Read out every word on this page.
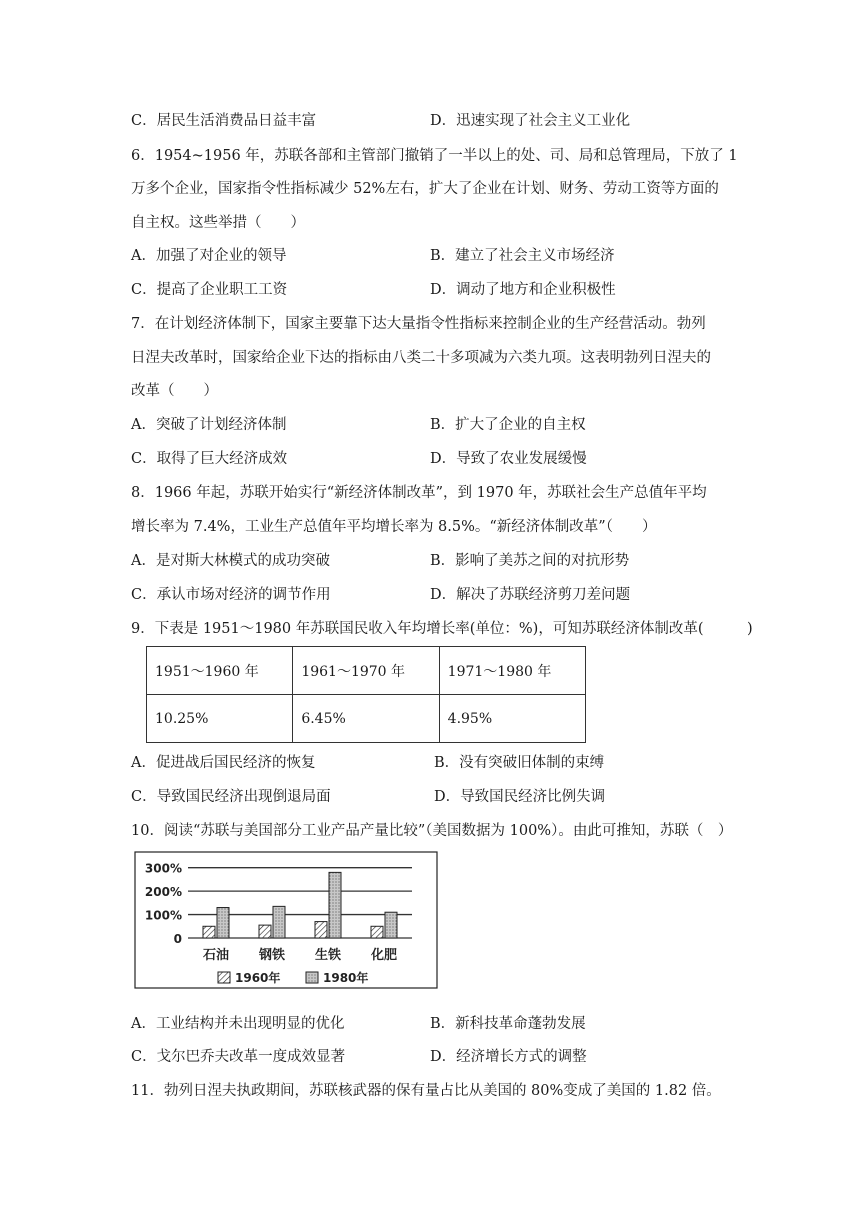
C．居民生活消费品日益丰富	D．迅速实现了社会主义工业化
6．1954~1956 年，苏联各部和主管部门撤销了一半以上的处、司、局和总管理局，下放了 1
万多个企业，国家指令性指标减少 52%左右，扩大了企业在计划、财务、劳动工资等方面的
自主权。这些举措（　　）
A．加强了对企业的领导	B．建立了社会主义市场经济
C．提高了企业职工工资	D．调动了地方和企业积极性
7．在计划经济体制下，国家主要靠下达大量指令性指标来控制企业的生产经营活动。勃列
日涅夫改革时，国家给企业下达的指标由八类二十多项减为六类九项。这表明勃列日涅夫的
改革（　　）
A．突破了计划经济体制	B．扩大了企业的自主权
C．取得了巨大经济成效	D．导致了农业发展缓慢
8．1966 年起，苏联开始实行“新经济体制改革”，到 1970 年，苏联社会生产总值年平均
增长率为 7.4%，工业生产总值年平均增长率为 8.5%。“新经济体制改革”（　　）
A．是对斯大林模式的成功突破	B．影响了美苏之间的对抗形势
C．承认市场对经济的调节作用	D．解决了苏联经济剪刀差问题
9．下表是 1951～1980 年苏联国民收入年均增长率(单位：%)，可知苏联经济体制改革(　　　)
1951～1960 年	1961～1970 年	1971～1980 年
10.25%	6.45%	4.95%
A．促进战后国民经济的恢复	B．没有突破旧体制的束缚
C．导致国民经济出现倒退局面	D．导致国民经济比例失调
10．阅读“苏联与美国部分工业产品产量比较”（美国数据为 100%）。由此可推知，苏联（　）
300%
200%
100%
0
石油 钢铁 生铁 化肥
1960年	1980年
A．工业结构并未出现明显的优化	B．新科技革命蓬勃发展
C．戈尔巴乔夫改革一度成效显著	D．经济增长方式的调整
11．勃列日涅夫执政期间，苏联核武器的保有量占比从美国的 80%变成了美国的 1.82 倍。
